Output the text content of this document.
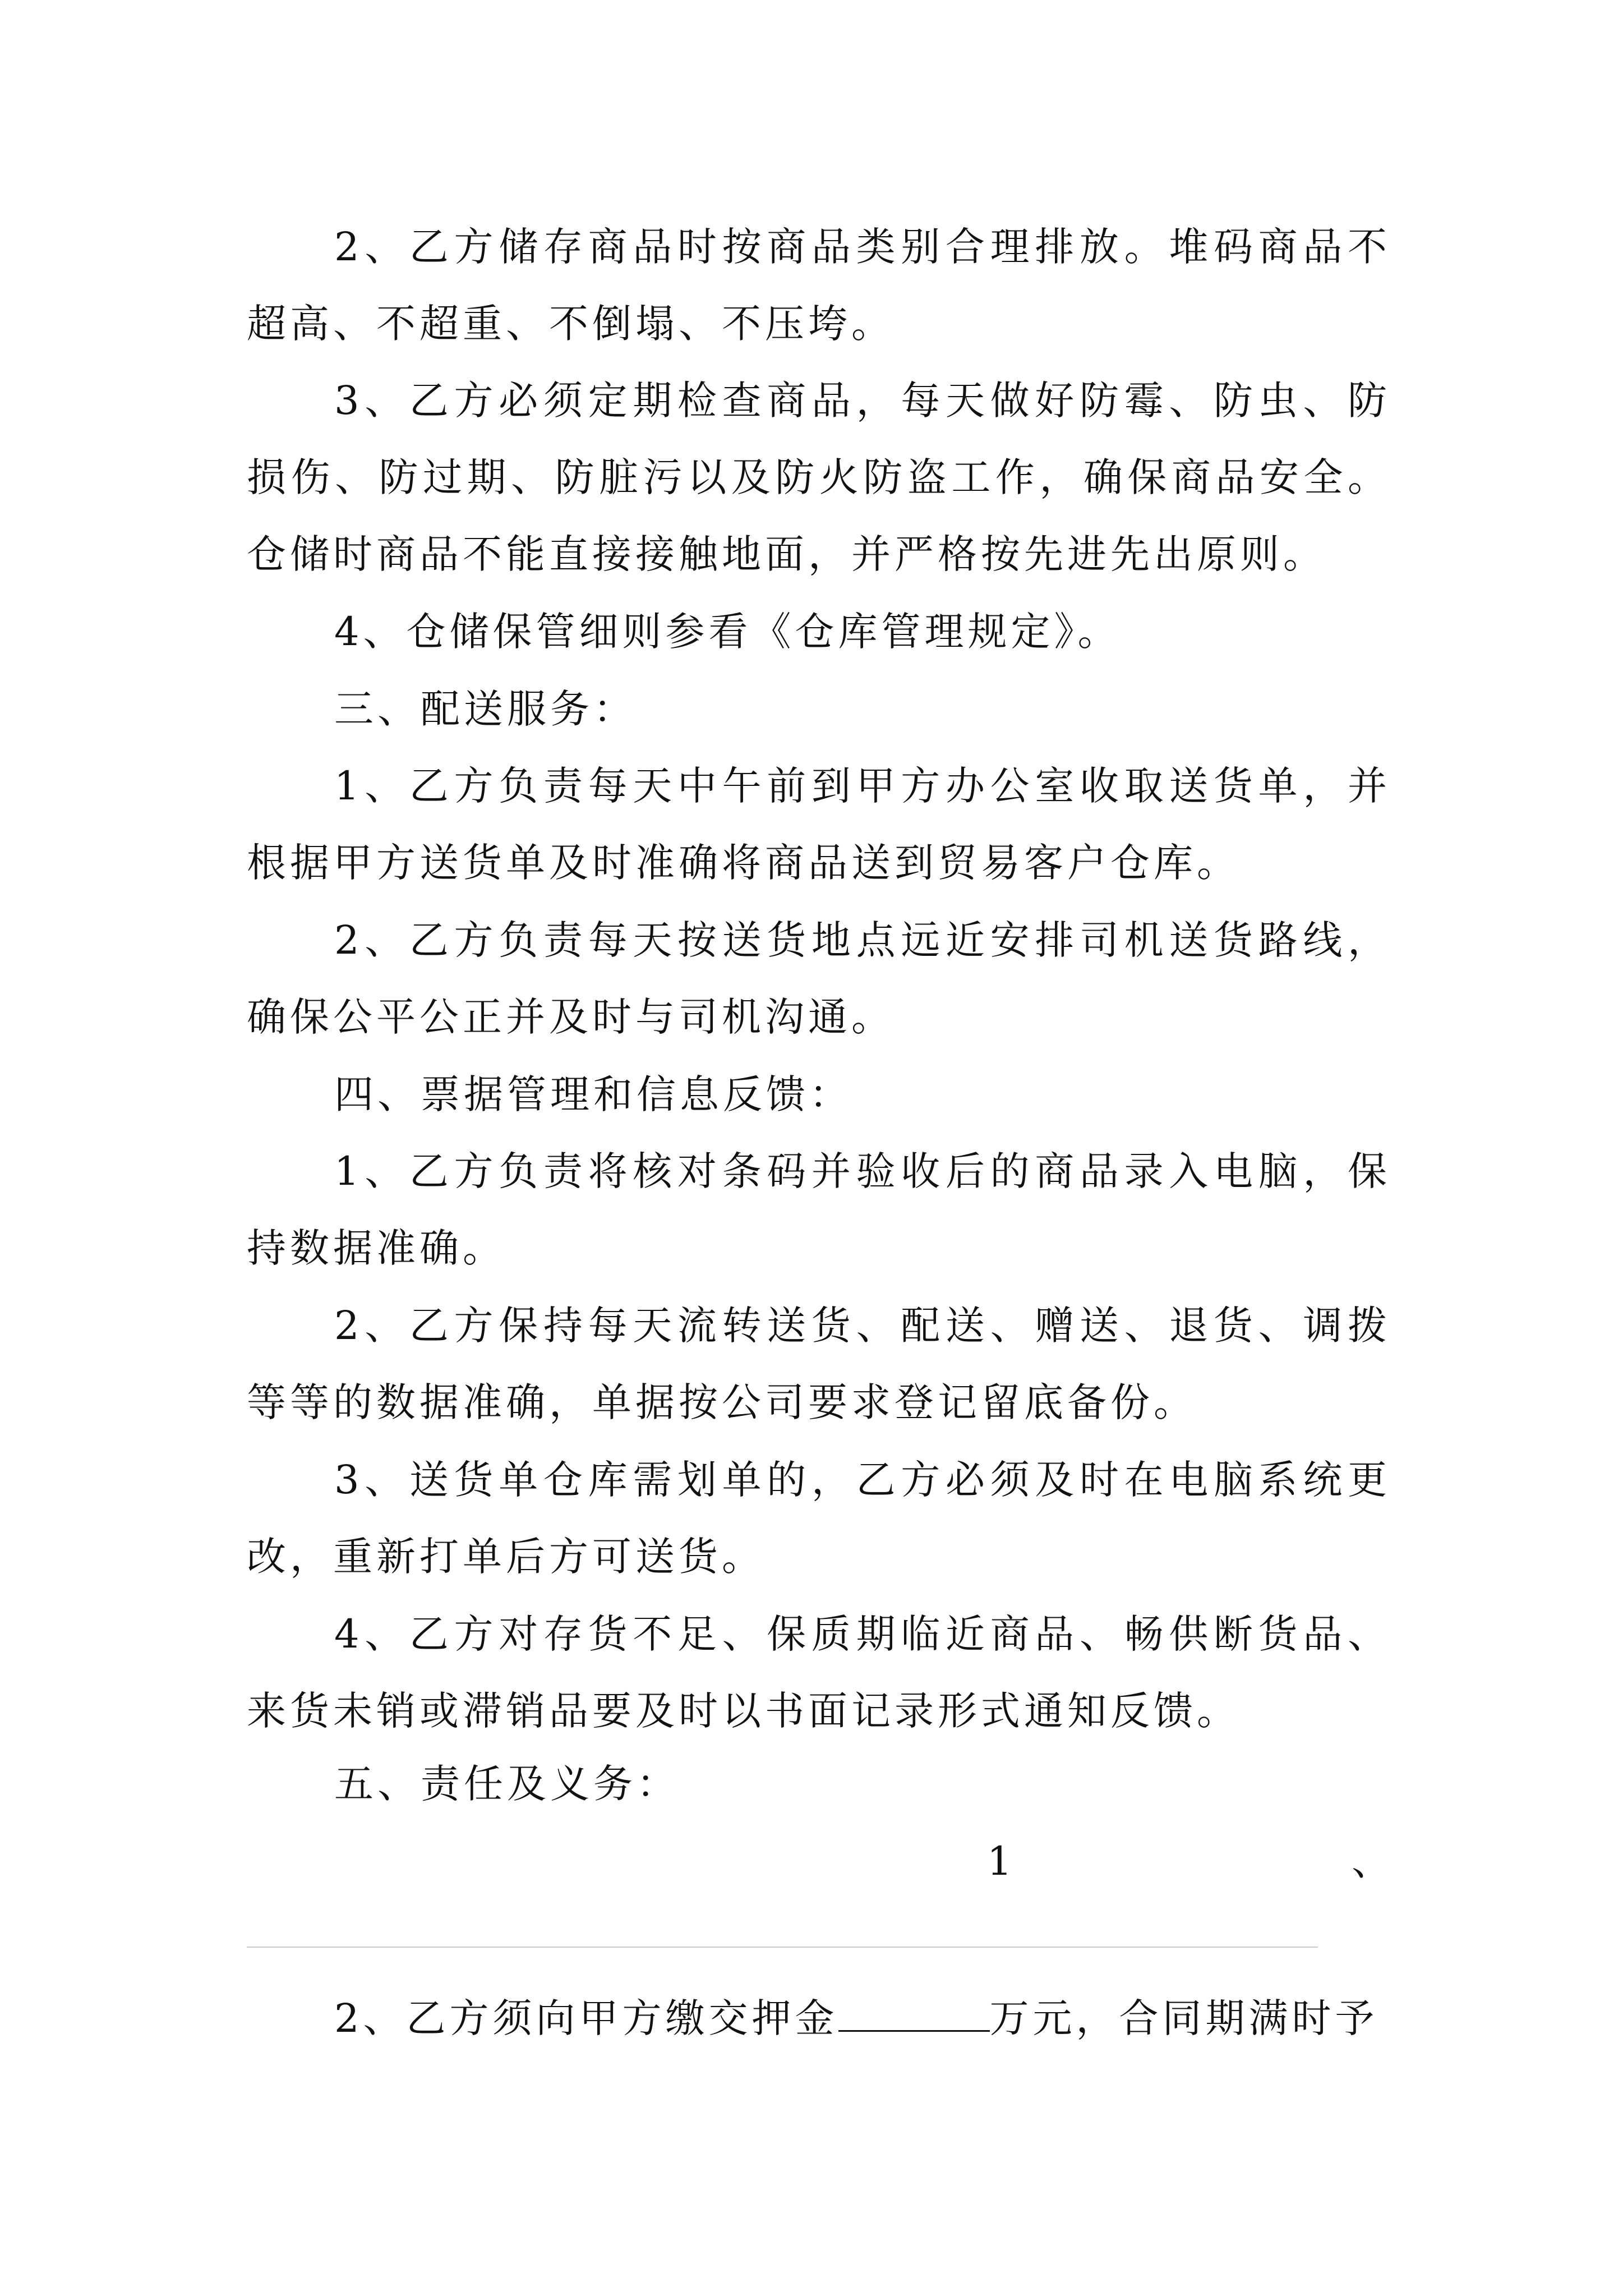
2、乙方储存商品时按商品类别合理排放。堆码商品不超高、不超重、不倒塌、不压垮。

3、乙方必须定期检查商品，每天做好防霉、防虫、防损伤、防过期、防脏污以及防火防盗工作，确保商品安全。仓储时商品不能直接接触地面，并严格按先进先出原则。

4、仓储保管细则参看《仓库管理规定》。

三、配送服务：

1、乙方负责每天中午前到甲方办公室收取送货单，并根据甲方送货单及时准确将商品送到贸易客户仓库。

2、乙方负责每天按送货地点远近安排司机送货路线，确保公平公正并及时与司机沟通。

四、票据管理和信息反馈：

1、乙方负责将核对条码并验收后的商品录入电脑，保持数据准确。

2、乙方保持每天流转送货、配送、赠送、退货、调拨等等的数据准确，单据按公司要求登记留底备份。

3、送货单仓库需划单的，乙方必须及时在电脑系统更改，重新打单后方可送货。

4、乙方对存货不足、保质期临近商品、畅供断货品、来货未销或滞销品要及时以书面记录形式通知反馈。

五、责任及义务：

1	、

2、乙方须向甲方缴交押金	万元，合同期满时予
